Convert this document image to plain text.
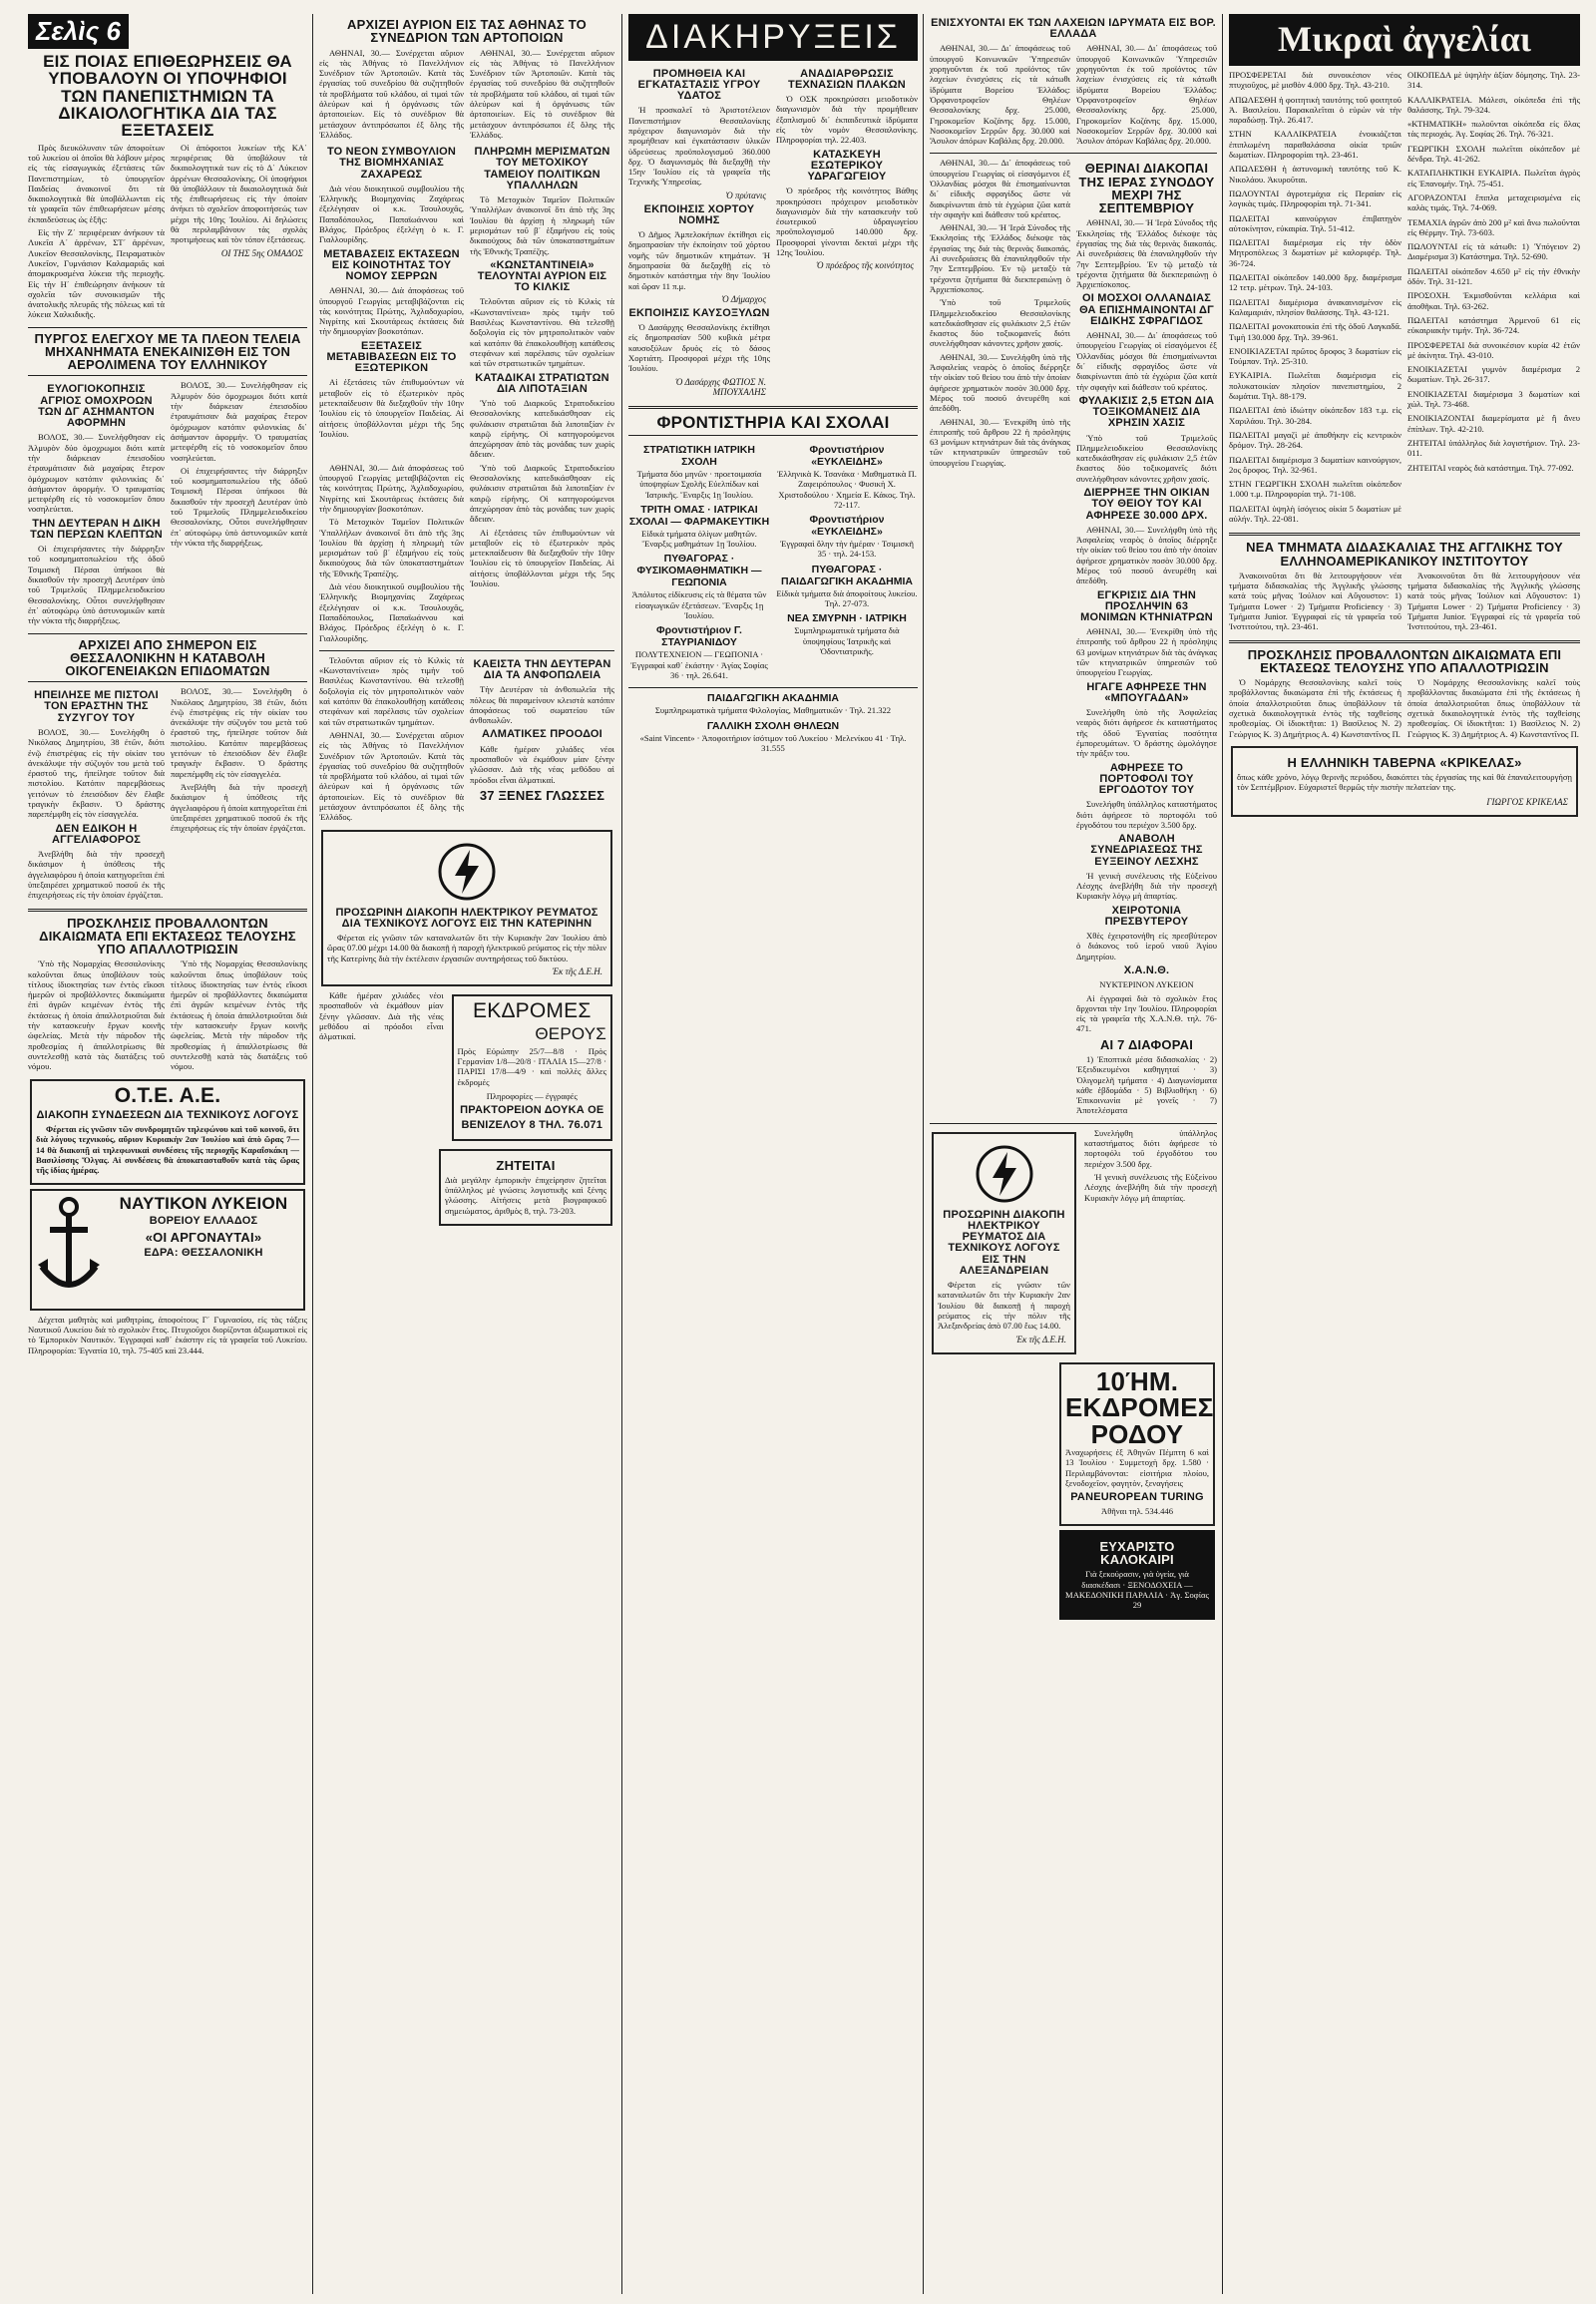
Σελὶς 6
ΕΙΣ ΠΟΙΑΣ ΕΠΙΘΕΩΡΗΣΕΙΣ ΘΑ ΥΠΟΒΑΛΟΥΝ ΟΙ ΥΠΟΨΗΦΙΟΙ ΤΩΝ ΠΑΝΕΠΙΣΤΗΜΙΩΝ ΤΑ ΔΙΚΑΙΟΛΟΓΗΤΙΚΑ ΔΙΑ ΤΑΣ ΕΞΕΤΑΣΕΙΣ

Πρὸς διευκόλυνσιν τῶν ἀποφοίτων τοῦ λυκείου οἱ ὁποῖοι θὰ λάβουν μέρος εἰς τὰς εἰσαγωγικὰς ἐξετάσεις τῶν Πανεπιστημίων, τὸ ὑπουργεῖον Παιδείας ἀνακοινοῖ ὅτι τὰ δικαιολογητικὰ θὰ ὑποβάλλωνται εἰς τὰ γραφεῖα τῶν ἐπιθεωρήσεων μέσης ἐκπαιδεύσεως ὡς ἑξῆς:

Εἰς τὴν Ζ΄ περιφέρειαν ἀνήκουν τὰ Λυκεῖα Α΄ ἀρρένων, ΣΤ΄ ἀρρένων, Λυκεῖον Θεσσαλονίκης, Πειραματικὸν Λυκεῖον, Γυμνάσιον Καλαμαριᾶς καὶ ἀπομακρυσμένα λύκεια τῆς περιοχῆς. Εἰς τὴν Η΄ ἐπιθεώρησιν ἀνήκουν τὰ σχολεῖα τῶν συνοικισμῶν τῆς ἀνατολικῆς πλευρᾶς τῆς πόλεως καὶ τὰ λύκεια Χαλκιδικῆς.

Οἱ ἀπόφοιτοι λυκείων τῆς ΚΑ΄ περιφέρειας θὰ ὑποβάλουν τὰ δικαιολογητικά των εἰς τὸ Δ΄ Λύκειον ἀρρένων Θεσσαλονίκης. Οἱ ὑποψήφιοι θὰ ὑποβάλλουν τὰ δικαιολογητικὰ διὰ τῆς ἐπιθεωρήσεως εἰς τὴν ὁποίαν ἀνήκει τὸ σχολεῖον ἀποφοιτήσεώς των μέχρι τῆς 10ης Ἰουλίου. Αἱ δηλώσεις θὰ περιλαμβάνουν τὰς σχολὰς προτιμήσεως καὶ τὸν τόπον ἐξετάσεως.

ΟΙ ΤΗΣ 5ης ΟΜΑΔΟΣ
ΠΥΡΓΟΣ ΕΛΕΓΧΟΥ ΜΕ ΤΑ ΠΛΕΟΝ ΤΕΛΕΙΑ ΜΗΧΑΝΗΜΑΤΑ ΕΝΕΚΑΙΝΙΣΘΗ ΕΙΣ ΤΟΝ ΑΕΡΟΛΙΜΕΝΑ ΤΟΥ ΕΛΛΗΝΙΚΟΥ
ΕΥΛΟΓΙΟΚΟΠΗΣΙΣ ΑΓΡΙΟΣ ΟΜΟΧΡΟΩΝ ΤΩΝ ΔΓ ΑΣΗΜΑΝΤΟΝ ΑΦΟΡΜΗΝ

ΒΟΛΟΣ, 30.— Συνελήφθησαν εἰς Ἀλμυρὸν δύο ὁμοχρωμοι διότι κατὰ τὴν διάρκειαν ἐπεισοδίου ἐτραυμάτισαν διὰ μαχαίρας ἕτερον ὁμόχρωμον κατόπιν φιλονικίας δι᾿ ἀσήμαντον ἀφορμήν. Ὁ τραυματίας μετεφέρθη εἰς τὸ νοσοκομεῖον ὅπου νοσηλεύεται.

ΤΗΝ ΔΕΥΤΕΡΑΝ Η ΔΙΚΗ ΤΩΝ ΠΕΡΣΩΝ ΚΛΕΠΤΩΝ

Οἱ ἐπιχειρήσαντες τὴν διάρρηξιν τοῦ κοσμηματοπωλείου τῆς ὁδοῦ Τσιμισκῆ Πέρσαι ὑπήκοοι θὰ δικασθοῦν τὴν προσεχῆ Δευτέραν ὑπὸ τοῦ Τριμελοῦς Πλημμελειοδικείου Θεσσαλονίκης. Οὗτοι συνελήφθησαν ἐπ᾿ αὐτοφώρῳ ὑπὸ ἀστυνομικῶν κατὰ τὴν νύκτα τῆς διαρρήξεως.

ΒΟΛΟΣ, 30.— Συνελήφθησαν εἰς Ἀλμυρὸν δύο ὁμοχρωμοι διότι κατὰ τὴν διάρκειαν ἐπεισοδίου ἐτραυμάτισαν διὰ μαχαίρας ἕτερον ὁμόχρωμον κατόπιν φιλονικίας δι᾿ ἀσήμαντον ἀφορμήν. Ὁ τραυματίας μετεφέρθη εἰς τὸ νοσοκομεῖον ὅπου νοσηλεύεται.

Οἱ ἐπιχειρήσαντες τὴν διάρρηξιν τοῦ κοσμηματοπωλείου τῆς ὁδοῦ Τσιμισκῆ Πέρσαι ὑπήκοοι θὰ δικασθοῦν τὴν προσεχῆ Δευτέραν ὑπὸ τοῦ Τριμελοῦς Πλημμελειοδικείου Θεσσαλονίκης. Οὗτοι συνελήφθησαν ἐπ᾿ αὐτοφώρῳ ὑπὸ ἀστυνομικῶν κατὰ τὴν νύκτα τῆς διαρρήξεως.

ΑΡΧΙΖΕΙ ΑΠΟ ΣΗΜΕΡΟΝ ΕΙΣ ΘΕΣΣΑΛΟΝΙΚΗΝ Η ΚΑΤΑΒΟΛΗ ΟΙΚΟΓΕΝΕΙΑΚΩΝ ΕΠΙΔΟΜΑΤΩΝ
ΗΠΕΙΛΗΣΕ ΜΕ ΠΙΣΤΟΛΙ ΤΟΝ ΕΡΑΣΤΗΝ ΤΗΣ ΣΥΖΥΓΟΥ ΤΟΥ

ΒΟΛΟΣ, 30.— Συνελήφθη ὁ Νικόλαος Δημητρίου, 38 ἐτῶν, διότι ἐνῷ ἐπιστρέψας εἰς τὴν οἰκίαν του ἀνεκάλυψε τὴν σύζυγόν του μετὰ τοῦ ἐραστοῦ της, ἠπείλησε τοῦτον διὰ πιστολίου. Κατόπιν παρεμβάσεως γειτόνων τὸ ἐπεισόδιον δὲν ἔλαβε τραγικὴν ἔκβασιν. Ὁ δράστης παρεπέμφθη εἰς τὸν εἰσαγγελέα.

ΔΕΝ ΕΔΙΚΟΗ Η ΑΓΓΕΛΙΑΦΟΡΟΣ

Ἀνεβλήθη διὰ τὴν προσεχῆ δικάσιμον ἡ ὑπόθεσις τῆς ἀγγελιαφόρου ἡ ὁποία κατηγορεῖται ἐπὶ ὑπεξαιρέσει χρηματικοῦ ποσοῦ ἐκ τῆς ἐπιχειρήσεως εἰς τὴν ὁποίαν ἐργάζεται.

ΒΟΛΟΣ, 30.— Συνελήφθη ὁ Νικόλαος Δημητρίου, 38 ἐτῶν, διότι ἐνῷ ἐπιστρέψας εἰς τὴν οἰκίαν του ἀνεκάλυψε τὴν σύζυγόν του μετὰ τοῦ ἐραστοῦ της, ἠπείλησε τοῦτον διὰ πιστολίου. Κατόπιν παρεμβάσεως γειτόνων τὸ ἐπεισόδιον δὲν ἔλαβε τραγικὴν ἔκβασιν. Ὁ δράστης παρεπέμφθη εἰς τὸν εἰσαγγελέα.

Ἀνεβλήθη διὰ τὴν προσεχῆ δικάσιμον ἡ ὑπόθεσις τῆς ἀγγελιαφόρου ἡ ὁποία κατηγορεῖται ἐπὶ ὑπεξαιρέσει χρηματικοῦ ποσοῦ ἐκ τῆς ἐπιχειρήσεως εἰς τὴν ὁποίαν ἐργάζεται.

ΠΡΟΣΚΛΗΣΙΣ ΠΡΟΒΑΛΛΟΝΤΩΝ ΔΙΚΑΙΩΜΑΤΑ ΕΠΙ ΕΚΤΑΣΕΩΣ ΤΕΛΟΥΣΗΣ ΥΠΟ ΑΠΑΛΛΟΤΡΙΩΣΙΝ

Ὑπὸ τῆς Νομαρχίας Θεσσαλονίκης καλοῦνται ὅπως ὑποβάλουν τοὺς τίτλους ἰδιοκτησίας των ἐντὸς εἴκοσι ἡμερῶν οἱ προβάλλοντες δικαιώματα ἐπὶ ἀγρῶν κειμένων ἐντὸς τῆς ἐκτάσεως ἡ ὁποία ἀπαλλοτριοῦται διὰ τὴν κατασκευὴν ἔργων κοινῆς ὠφελείας. Μετὰ τὴν πάροδον τῆς προθεσμίας ἡ ἀπαλλοτρίωσις θὰ συντελεσθῇ κατὰ τὰς διατάξεις τοῦ νόμου.

Ὑπὸ τῆς Νομαρχίας Θεσσαλονίκης καλοῦνται ὅπως ὑποβάλουν τοὺς τίτλους ἰδιοκτησίας των ἐντὸς εἴκοσι ἡμερῶν οἱ προβάλλοντες δικαιώματα ἐπὶ ἀγρῶν κειμένων ἐντὸς τῆς ἐκτάσεως ἡ ὁποία ἀπαλλοτριοῦται διὰ τὴν κατασκευὴν ἔργων κοινῆς ὠφελείας. Μετὰ τὴν πάροδον τῆς προθεσμίας ἡ ἀπαλλοτρίωσις θὰ συντελεσθῇ κατὰ τὰς διατάξεις τοῦ νόμου.

Ο.Τ.Ε. Α.Ε.
ΔΙΑΚΟΠΗ ΣΥΝΔΕΣΕΩΝ ΔΙΑ ΤΕΧΝΙΚΟΥΣ ΛΟΓΟΥΣ

Φέρεται εἰς γνῶσιν τῶν συνδρομητῶν τηλεφώνου καὶ τοῦ κοινοῦ, ὅτι διὰ λόγους τεχνικούς, αὔριον Κυριακὴν 2αν Ἰουλίου καὶ ἀπὸ ὥρας 7—14 θὰ διακοπῇ αἱ τηλεφωνικαὶ συνδέσεις τῆς περιοχῆς Καραΐσκάκη — Βασιλίσσης Ὄλγας. Αἱ συνδέσεις θὰ ἀποκατασταθοῦν κατὰ τὰς ὥρας τῆς ἰδίας ἡμέρας.

ΝΑΥΤΙΚΟΝ ΛΥΚΕΙΟΝ
ΒΟΡΕΙΟΥ ΕΛΛΑΔΟΣ
«ΟΙ ΑΡΓΟΝΑΥΤΑΙ»
ΕΔΡΑ: ΘΕΣΣΑΛΟΝΙΚΗ

Δέχεται μαθητὰς καὶ μαθητρίας, ἀποφοίτους Γ΄ Γυμνασίου, εἰς τὰς τάξεις Ναυτικοῦ Λυκείου διὰ τὸ σχολικὸν ἔτος. Πτυχιοῦχοι διορίζονται ἀξιωματικοὶ εἰς τὸ Ἐμπορικὸν Ναυτικόν. Ἐγγραφαὶ καθ᾿ ἑκάστην εἰς τὰ γραφεῖα τοῦ Λυκείου. Πληροφορίαι: Ἐγνατία 10, τηλ. 75-405 καὶ 23.444.

ΑΡΧΙΖΕΙ ΑΥΡΙΟΝ ΕΙΣ ΤΑΣ ΑΘΗΝΑΣ ΤΟ ΣΥΝΕΔΡΙΟΝ ΤΩΝ ΑΡΤΟΠΟΙΩΝ

ΑΘΗΝΑΙ, 30.— Συνέρχεται αὔριον εἰς τὰς Ἀθήνας τὸ Πανελλήνιον Συνέδριον τῶν Ἀρτοποιῶν. Κατὰ τὰς ἐργασίας τοῦ συνεδρίου θὰ συζητηθοῦν τὰ προβλήματα τοῦ κλάδου, αἱ τιμαὶ τῶν ἀλεύρων καὶ ἡ ὀργάνωσις τῶν ἀρτοποιείων. Εἰς τὸ συνέδριον θὰ μετάσχουν ἀντιπρόσωποι ἐξ ὅλης τῆς Ἑλλάδος.

ΑΘΗΝΑΙ, 30.— Συνέρχεται αὔριον εἰς τὰς Ἀθήνας τὸ Πανελλήνιον Συνέδριον τῶν Ἀρτοποιῶν. Κατὰ τὰς ἐργασίας τοῦ συνεδρίου θὰ συζητηθοῦν τὰ προβλήματα τοῦ κλάδου, αἱ τιμαὶ τῶν ἀλεύρων καὶ ἡ ὀργάνωσις τῶν ἀρτοποιείων. Εἰς τὸ συνέδριον θὰ μετάσχουν ἀντιπρόσωποι ἐξ ὅλης τῆς Ἑλλάδος.

ΤΟ ΝΕΟΝ ΣΥΜΒΟΥΛΙΟΝ ΤΗΣ ΒΙΟΜΗΧΑΝΙΑΣ ΖΑΧΑΡΕΩΣ

Διὰ νέου διοικητικοῦ συμβουλίου τῆς Ἑλληνικῆς Βιομηχανίας Ζαχάρεως ἐξελέγησαν οἱ κ.κ. Τσουλουχᾶς, Παπαδόπουλος, Παπαϊωάννου καὶ Βλάχος. Πρόεδρος ἐξελέγη ὁ κ. Γ. Γιαλλουρίδης.

ΜΕΤΑΒΑΣΕΙΣ ΕΚΤΑΣΕΩΝ ΕΙΣ ΚΟΙΝΟΤΗΤΑΣ ΤΟΥ ΝΟΜΟΥ ΣΕΡΡΩΝ

ΑΘΗΝΑΙ, 30.— Διὰ ἀποφάσεως τοῦ ὑπουργοῦ Γεωργίας μεταβιβάζονται εἰς τὰς κοινότητας Πρώτης, Ἀχλαδοχωρίου, Νιγρίτης καὶ Σκουτάρεως ἐκτάσεις διὰ τὴν δημιουργίαν βοσκοτόπων.

ΕΞΕΤΑΣΕΙΣ ΜΕΤΑΒΙΒΑΣΕΩΝ ΕΙΣ ΤΟ ΕΞΩΤΕΡΙΚΟΝ

Αἱ ἐξετάσεις τῶν ἐπιθυμούντων νὰ μεταβοῦν εἰς τὸ ἐξωτερικὸν πρὸς μετεκπαίδευσιν θὰ διεξαχθοῦν τὴν 10ην Ἰουλίου εἰς τὸ ὑπουργεῖον Παιδείας. Αἱ αἰτήσεις ὑποβάλλονται μέχρι τῆς 5ης Ἰουλίου.

ΠΛΗΡΩΜΗ ΜΕΡΙΣΜΑΤΩΝ ΤΟΥ ΜΕΤΟΧΙΚΟΥ ΤΑΜΕΙΟΥ ΠΟΛΙΤΙΚΩΝ ΥΠΑΛΛΗΛΩΝ

Τὸ Μετοχικὸν Ταμεῖον Πολιτικῶν Ὑπαλλήλων ἀνακοινοῖ ὅτι ἀπὸ τῆς 3ης Ἰουλίου θὰ ἀρχίσῃ ἡ πληρωμὴ τῶν μερισμάτων τοῦ β΄ ἑξαμήνου εἰς τοὺς δικαιούχους διὰ τῶν ὑποκαταστημάτων τῆς Ἐθνικῆς Τραπέζης.

«ΚΩΝΣΤΑΝΤΙΝΕΙΑ» ΤΕΛΟΥΝΤΑΙ ΑΥΡΙΟΝ ΕΙΣ ΤΟ ΚΙΛΚΙΣ

Τελοῦνται αὔριον εἰς τὸ Κιλκὶς τὰ «Κωνσταντίνεια» πρὸς τιμὴν τοῦ Βασιλέως Κωνσταντίνου. Θὰ τελεσθῇ δοξολογία εἰς τὸν μητροπολιτικὸν ναὸν καὶ κατόπιν θὰ ἐπακολουθήσῃ κατάθεσις στεφάνων καὶ παρέλασις τῶν σχολείων καὶ τῶν στρατιωτικῶν τμημάτων.

ΚΑΤΑΔΙΚΑΙ ΣΤΡΑΤΙΩΤΩΝ ΔΙΑ ΛΙΠΟΤΑΞΙΑΝ

Ὑπὸ τοῦ Διαρκοῦς Στρατοδικείου Θεσσαλονίκης κατεδικάσθησαν εἰς φυλάκισιν στρατιῶται διὰ λιποταξίαν ἐν καιρῷ εἰρήνης. Οἱ κατηγορούμενοι ἀπεχώρησαν ἀπὸ τὰς μονάδας των χωρὶς ἄδειαν.

ΑΘΗΝΑΙ, 30.— Διὰ ἀποφάσεως τοῦ ὑπουργοῦ Γεωργίας μεταβιβάζονται εἰς τὰς κοινότητας Πρώτης, Ἀχλαδοχωρίου, Νιγρίτης καὶ Σκουτάρεως ἐκτάσεις διὰ τὴν δημιουργίαν βοσκοτόπων.

Τὸ Μετοχικὸν Ταμεῖον Πολιτικῶν Ὑπαλλήλων ἀνακοινοῖ ὅτι ἀπὸ τῆς 3ης Ἰουλίου θὰ ἀρχίσῃ ἡ πληρωμὴ τῶν μερισμάτων τοῦ β΄ ἑξαμήνου εἰς τοὺς δικαιούχους διὰ τῶν ὑποκαταστημάτων τῆς Ἐθνικῆς Τραπέζης.

Διὰ νέου διοικητικοῦ συμβουλίου τῆς Ἑλληνικῆς Βιομηχανίας Ζαχάρεως ἐξελέγησαν οἱ κ.κ. Τσουλουχᾶς, Παπαδόπουλος, Παπαϊωάννου καὶ Βλάχος. Πρόεδρος ἐξελέγη ὁ κ. Γ. Γιαλλουρίδης.

Ὑπὸ τοῦ Διαρκοῦς Στρατοδικείου Θεσσαλονίκης κατεδικάσθησαν εἰς φυλάκισιν στρατιῶται διὰ λιποταξίαν ἐν καιρῷ εἰρήνης. Οἱ κατηγορούμενοι ἀπεχώρησαν ἀπὸ τὰς μονάδας των χωρὶς ἄδειαν.

Αἱ ἐξετάσεις τῶν ἐπιθυμούντων νὰ μεταβοῦν εἰς τὸ ἐξωτερικὸν πρὸς μετεκπαίδευσιν θὰ διεξαχθοῦν τὴν 10ην Ἰουλίου εἰς τὸ ὑπουργεῖον Παιδείας. Αἱ αἰτήσεις ὑποβάλλονται μέχρι τῆς 5ης Ἰουλίου.

Τελοῦνται αὔριον εἰς τὸ Κιλκὶς τὰ «Κωνσταντίνεια» πρὸς τιμὴν τοῦ Βασιλέως Κωνσταντίνου. Θὰ τελεσθῇ δοξολογία εἰς τὸν μητροπολιτικὸν ναὸν καὶ κατόπιν θὰ ἐπακολουθήσῃ κατάθεσις στεφάνων καὶ παρέλασις τῶν σχολείων καὶ τῶν στρατιωτικῶν τμημάτων.

ΑΘΗΝΑΙ, 30.— Συνέρχεται αὔριον εἰς τὰς Ἀθήνας τὸ Πανελλήνιον Συνέδριον τῶν Ἀρτοποιῶν. Κατὰ τὰς ἐργασίας τοῦ συνεδρίου θὰ συζητηθοῦν τὰ προβλήματα τοῦ κλάδου, αἱ τιμαὶ τῶν ἀλεύρων καὶ ἡ ὀργάνωσις τῶν ἀρτοποιείων. Εἰς τὸ συνέδριον θὰ μετάσχουν ἀντιπρόσωποι ἐξ ὅλης τῆς Ἑλλάδος.

ΚΑΕΙΣΤΑ ΤΗΝ ΔΕΥΤΕΡΑΝ ΔΙΑ ΤΑ ΑΝΦΟΠΩΛΕΙΑ

Τὴν Δευτέραν τὰ ἀνθοπωλεῖα τῆς πόλεως θὰ παραμείνουν κλειστὰ κατόπιν ἀποφάσεως τοῦ σωματείου τῶν ἀνθοπωλῶν.

ΑΛΜΑΤΙΚΕΣ ΠΡΟΟΔΟΙ

Κάθε ἡμέραν χιλιάδες νέοι προσπαθοῦν νὰ ἐκμάθουν μίαν ξένην γλῶσσαν. Διὰ τῆς νέας μεθόδου αἱ πρόοδοι εἶναι ἀλματικαί.

37 ΞΕΝΕΣ ΓΛΩΣΣΕΣ
ΠΡΟΣΩΡΙΝΗ ΔΙΑΚΟΠΗ ΗΛΕΚΤΡΙΚΟΥ ΡΕΥΜΑΤΟΣ ΔΙΑ ΤΕΧΝΙΚΟΥΣ ΛΟΓΟΥΣ ΕΙΣ ΤΗΝ ΚΑΤΕΡΙΝΗΝ

Φέρεται εἰς γνῶσιν τῶν καταναλωτῶν ὅτι τὴν Κυριακὴν 2αν Ἰουλίου ἀπὸ ὥρας 07.00 μέχρι 14.00 θὰ διακοπῇ ἡ παροχὴ ἠλεκτρικοῦ ρεύματος εἰς τὴν πόλιν τῆς Κατερίνης διὰ τὴν ἐκτέλεσιν ἐργασιῶν συντηρήσεως τοῦ δικτύου.

Ἐκ τῆς Δ.Ε.Η.

Κάθε ἡμέραν χιλιάδες νέοι προσπαθοῦν νὰ ἐκμάθουν μίαν ξένην γλῶσσαν. Διὰ τῆς νέας μεθόδου αἱ πρόοδοι εἶναι ἀλματικαί.

ΕΚΔΡΟΜΕΣ
ΘΕΡΟΥΣ

Πρὸς Εὐρώπην 25/7—8/8 · Πρὸς Γερμανίαν 1/8—20/8 · ΙΤΑΛΙΑ 15—27/8 · ΠΑΡΙΣΙ 17/8—4/9 · καὶ πολλὲς ἄλλες ἐκδρομές

Πληροφορίες — ἐγγραφές
ΠΡΑΚΤΟΡΕΙΟΝ ΔΟΥΚΑ ΟΕ
ΒΕΝΙΖΕΛΟΥ 8 ΤΗΛ. 76.071
ΖΗΤΕΙΤΑΙ

Διὰ μεγάλην ἐμπορικὴν ἐπιχείρησιν ζητεῖται ὑπάλληλος μὲ γνώσεις λογιστικῆς καὶ ξένης γλώσσης. Αἰτήσεις μετὰ βιογραφικοῦ σημειώματος, ἀριθμὸς 8, τηλ. 73-203.

ΔΙΑΚΗΡΥΞΕΙΣ
ΠΡΟΜΗΘΕΙΑ ΚΑΙ ΕΓΚΑΤΑΣΤΑΣΙΣ ΥΓΡΟΥ ΥΔΑΤΟΣ

Ἡ προσκαλεῖ τὸ Ἀριστοτέλειον Πανεπιστήμιον Θεσσαλονίκης πρόχειρον διαγωνισμὸν διὰ τὴν προμήθειαν καὶ ἐγκατάστασιν ὑλικῶν ὑδρεύσεως προϋπολογισμοῦ 360.000 δρχ. Ὁ διαγωνισμὸς θὰ διεξαχθῇ τὴν 15ην Ἰουλίου εἰς τὰ γραφεῖα τῆς Τεχνικῆς Ὑπηρεσίας.

Ὁ πρύτανις
ΕΚΠΟΙΗΣΙΣ ΧΟΡΤΟΥ ΝΟΜΗΣ

Ὁ Δῆμος Ἀμπελοκήπων ἐκτίθησι εἰς δημοπρασίαν τὴν ἐκποίησιν τοῦ χόρτου νομῆς τῶν δημοτικῶν κτημάτων. Ἡ δημοπρασία θὰ διεξαχθῇ εἰς τὸ δημοτικὸν κατάστημα τὴν 8ην Ἰουλίου καὶ ὥραν 11 π.μ.

Ὁ Δήμαρχος
ΕΚΠΟΙΗΣΙΣ ΚΑΥΣΟΞΥΛΩΝ

Ὁ Δασάρχης Θεσσαλονίκης ἐκτίθησι εἰς δημοπρασίαν 500 κυβικὰ μέτρα καυσοξύλων δρυὸς εἰς τὸ δάσος Χορτιάτη. Προσφοραὶ μέχρι τῆς 10ης Ἰουλίου.

Ὁ Δασάρχης ΦΩΤΙΟΣ Ν. ΜΠΟΥΧΑΛΗΣ
ΑΝΑΔΙΑΡΘΡΩΣΙΣ ΤΕΧΝΑΣΙΩΝ ΠΛΑΚΩΝ

Ὁ ΟΣΚ προκηρύσσει μειοδοτικὸν διαγωνισμὸν διὰ τὴν προμήθειαν ἐξοπλισμοῦ δι᾿ ἐκπαιδευτικὰ ἱδρύματα εἰς τὸν νομὸν Θεσσαλονίκης. Πληροφορίαι τηλ. 22.403.

ΚΑΤΑΣΚΕΥΗ ΕΣΩΤΕΡΙΚΟΥ ΥΔΡΑΓΩΓΕΙΟΥ

Ὁ πρόεδρος τῆς κοινότητος Βάθης προκηρύσσει πρόχειρον μειοδοτικὸν διαγωνισμὸν διὰ τὴν κατασκευὴν τοῦ ἐσωτερικοῦ ὑδραγωγείου προϋπολογισμοῦ 140.000 δρχ. Προσφοραὶ γίνονται δεκταὶ μέχρι τῆς 12ης Ἰουλίου.

Ὁ πρόεδρος τῆς κοινότητος
ΦΡΟΝΤΙΣΤΗΡΙΑ ΚΑΙ ΣΧΟΛΑΙ
ΣΤΡΑΤΙΩΤΙΚΗ ΙΑΤΡΙΚΗ ΣΧΟΛΗ
Τμήματα δύο μηνῶν · προετοιμασία ὑποψηφίων Σχολῆς Εὐελπίδων καὶ Ἰατρικῆς. Ἔναρξις 1ῃ Ἰουλίου.
ΤΡΙΤΗ ΟΜΑΣ · ΙΑΤΡΙΚΑΙ ΣΧΟΛΑΙ — ΦΑΡΜΑΚΕΥΤΙΚΗ
Εἰδικὰ τμήματα ὀλίγων μαθητῶν. Ἔναρξις μαθημάτων 1ῃ Ἰουλίου.
ΠΥΘΑΓΟΡΑΣ · ΦΥΣΙΚΟΜΑΘΗΜΑΤΙΚΗ — ΓΕΩΠΟΝΙΑ
Ἀπόλυτος εἰδίκευσις εἰς τὰ θέματα τῶν εἰσαγωγικῶν ἐξετάσεων. Ἔναρξις 1ῃ Ἰουλίου.
Φροντιστήριον Γ. ΣΤΑΥΡΙΑΝΙΔΟΥ
ΠΟΛΥΤΕΧΝΕΙΟΝ — ΓΕΩΠΟΝΙΑ · Ἐγγραφαὶ καθ᾿ ἑκάστην · Ἀγίας Σοφίας 36 · τηλ. 26.641.
Φροντιστήριον «ΕΥΚΛΕΙΔΗΣ»
Ἑλληνικὰ Κ. Τσανάκα · Μαθηματικὰ Π. Ζαφειρόπουλος · Φυσικὴ Χ. Χριστοδούλου · Χημεία Ε. Κάκος. Τηλ. 72-117.
Φροντιστήριον «ΕΥΚΛΕΙΔΗΣ»
Ἐγγραφαὶ ὅλην τὴν ἡμέραν · Τσιμισκῆ 35 · τηλ. 24-153.
ΠΥΘΑΓΟΡΑΣ · ΠΑΙΔΑΓΩΓΙΚΗ ΑΚΑΔΗΜΙΑ
Εἰδικὰ τμήματα διὰ ἀποφοίτους λυκείου. Τηλ. 27-073.
ΝΕΑ ΣΜΥΡΝΗ · ΙΑΤΡΙΚΗ
Συμπληρωματικὰ τμήματα διὰ ὑποψηφίους Ἰατρικῆς καὶ Ὀδοντιατρικῆς.
ΠΑΙΔΑΓΩΓΙΚΗ ΑΚΑΔΗΜΙΑ
Συμπληρωματικὰ τμήματα Φιλολογίας, Μαθηματικῶν · Τηλ. 21.322
ΓΑΛΛΙΚΗ ΣΧΟΛΗ ΘΗΛΕΩΝ
«Saint Vincent» · Ἀποφοιτήριον ἰσότιμον τοῦ Λυκείου · Μελενίκου 41 · Τηλ. 31.555
ΕΝΙΣΧΥΟΝΤΑΙ ΕΚ ΤΩΝ ΛΑΧΕΙΩΝ ΙΔΡΥΜΑΤΑ ΕΙΣ ΒΟΡ. ΕΛΛΑΔΑ

ΑΘΗΝΑΙ, 30.— Δι᾿ ἀποφάσεως τοῦ ὑπουργοῦ Κοινωνικῶν Ὑπηρεσιῶν χορηγοῦνται ἐκ τοῦ προϊόντος τῶν λαχείων ἐνισχύσεις εἰς τὰ κάτωθι ἱδρύματα Βορείου Ἑλλάδος: Ὀρφανοτροφεῖον Θηλέων Θεσσαλονίκης δρχ. 25.000, Γηροκομεῖον Κοζάνης δρχ. 15.000, Νοσοκομεῖον Σερρῶν δρχ. 30.000 καὶ Ἄσυλον ἀπόρων Καβάλας δρχ. 20.000.

ΑΘΗΝΑΙ, 30.— Δι᾿ ἀποφάσεως τοῦ ὑπουργοῦ Κοινωνικῶν Ὑπηρεσιῶν χορηγοῦνται ἐκ τοῦ προϊόντος τῶν λαχείων ἐνισχύσεις εἰς τὰ κάτωθι ἱδρύματα Βορείου Ἑλλάδος: Ὀρφανοτροφεῖον Θηλέων Θεσσαλονίκης δρχ. 25.000, Γηροκομεῖον Κοζάνης δρχ. 15.000, Νοσοκομεῖον Σερρῶν δρχ. 30.000 καὶ Ἄσυλον ἀπόρων Καβάλας δρχ. 20.000.

ΑΘΗΝΑΙ, 30.— Δι᾿ ἀποφάσεως τοῦ ὑπουργείου Γεωργίας οἱ εἰσαγόμενοι ἐξ Ὀλλανδίας μόσχοι θὰ ἐπισημαίνωνται δι᾿ εἰδικῆς σφραγίδος ὥστε νὰ διακρίνωνται ἀπὸ τὰ ἐγχώρια ζῶα κατὰ τὴν σφαγὴν καὶ διάθεσιν τοῦ κρέατος.

ΑΘΗΝΑΙ, 30.— Ἡ Ἱερὰ Σύνοδος τῆς Ἐκκλησίας τῆς Ἑλλάδος διέκοψε τὰς ἐργασίας της διὰ τὰς θερινὰς διακοπάς. Αἱ συνεδριάσεις θὰ ἐπαναληφθοῦν τὴν 7ην Σεπτεμβρίου. Ἐν τῷ μεταξὺ τὰ τρέχοντα ζητήματα θὰ διεκπεραιώνῃ ὁ Ἀρχιεπίσκοπος.

Ὑπὸ τοῦ Τριμελοῦς Πλημμελειοδικείου Θεσσαλονίκης κατεδικάσθησαν εἰς φυλάκισιν 2,5 ἐτῶν ἕκαστος δύο τοξικομανεῖς διότι συνελήφθησαν κάνοντες χρῆσιν χασίς.

ΑΘΗΝΑΙ, 30.— Συνελήφθη ὑπὸ τῆς Ἀσφαλείας νεαρὸς ὁ ὁποῖος διέρρηξε τὴν οἰκίαν τοῦ θείου του ἀπὸ τὴν ὁποίαν ἀφήρεσε χρηματικὸν ποσὸν 30.000 δρχ. Μέρος τοῦ ποσοῦ ἀνευρέθη καὶ ἀπεδόθη.

ΑΘΗΝΑΙ, 30.— Ἐνεκρίθη ὑπὸ τῆς ἐπιτροπῆς τοῦ ἄρθρου 22 ἡ πρόσληψις 63 μονίμων κτηνιάτρων διὰ τὰς ἀνάγκας τῶν κτηνιατρικῶν ὑπηρεσιῶν τοῦ ὑπουργείου Γεωργίας.

ΘΕΡΙΝΑΙ ΔΙΑΚΟΠΑΙ ΤΗΣ ΙΕΡΑΣ ΣΥΝΟΔΟΥ ΜΕΧΡΙ 7ΗΣ ΣΕΠΤΕΜΒΡΙΟΥ

ΑΘΗΝΑΙ, 30.— Ἡ Ἱερὰ Σύνοδος τῆς Ἐκκλησίας τῆς Ἑλλάδος διέκοψε τὰς ἐργασίας της διὰ τὰς θερινὰς διακοπάς. Αἱ συνεδριάσεις θὰ ἐπαναληφθοῦν τὴν 7ην Σεπτεμβρίου. Ἐν τῷ μεταξὺ τὰ τρέχοντα ζητήματα θὰ διεκπεραιώνῃ ὁ Ἀρχιεπίσκοπος.

ΟΙ ΜΟΣΧΟΙ ΟΛΛΑΝΔΙΑΣ ΘΑ ΕΠΙΣΗΜΑΙΝΟΝΤΑΙ ΔΓ ΕΙΔΙΚΗΣ ΣΦΡΑΓΙΔΟΣ

ΑΘΗΝΑΙ, 30.— Δι᾿ ἀποφάσεως τοῦ ὑπουργείου Γεωργίας οἱ εἰσαγόμενοι ἐξ Ὀλλανδίας μόσχοι θὰ ἐπισημαίνωνται δι᾿ εἰδικῆς σφραγίδος ὥστε νὰ διακρίνωνται ἀπὸ τὰ ἐγχώρια ζῶα κατὰ τὴν σφαγὴν καὶ διάθεσιν τοῦ κρέατος.

ΦΥΛΑΚΙΣΙΣ 2,5 ΕΤΩΝ ΔΙΑ ΤΟΞΙΚΟΜΑΝΕΙΣ ΔΙΑ ΧΡΗΣΙΝ ΧΑΣΙΣ

Ὑπὸ τοῦ Τριμελοῦς Πλημμελειοδικείου Θεσσαλονίκης κατεδικάσθησαν εἰς φυλάκισιν 2,5 ἐτῶν ἕκαστος δύο τοξικομανεῖς διότι συνελήφθησαν κάνοντες χρῆσιν χασίς.

ΔΙΕΡΡΗΞΕ ΤΗΝ ΟΙΚΙΑΝ ΤΟΥ ΘΕΙΟΥ ΤΟΥ ΚΑΙ ΑΦΗΡΕΣΕ 30.000 ΔΡΧ.

ΑΘΗΝΑΙ, 30.— Συνελήφθη ὑπὸ τῆς Ἀσφαλείας νεαρὸς ὁ ὁποῖος διέρρηξε τὴν οἰκίαν τοῦ θείου του ἀπὸ τὴν ὁποίαν ἀφήρεσε χρηματικὸν ποσὸν 30.000 δρχ. Μέρος τοῦ ποσοῦ ἀνευρέθη καὶ ἀπεδόθη.

ΕΓΚΡΙΣΙΣ ΔΙΑ ΤΗΝ ΠΡΟΣΛΗΨΙΝ 63 ΜΟΝΙΜΩΝ ΚΤΗΝΙΑΤΡΩΝ

ΑΘΗΝΑΙ, 30.— Ἐνεκρίθη ὑπὸ τῆς ἐπιτροπῆς τοῦ ἄρθρου 22 ἡ πρόσληψις 63 μονίμων κτηνιάτρων διὰ τὰς ἀνάγκας τῶν κτηνιατρικῶν ὑπηρεσιῶν τοῦ ὑπουργείου Γεωργίας.

ΗΓΑΓΕ ΑΦΗΡΕΣΕ ΤΗΝ «ΜΠΟΥΓΑΔΑΝ»

Συνελήφθη ὑπὸ τῆς Ἀσφαλείας νεαρὸς διότι ἀφήρεσε ἐκ καταστήματος τῆς ὁδοῦ Ἐγνατίας ποσότητα ἐμπορευμάτων. Ὁ δράστης ὡμολόγησε τὴν πρᾶξιν του.

ΑΦΗΡΕΣΕ ΤΟ ΠΟΡΤΟΦΟΛΙ ΤΟΥ ΕΡΓΟΔΟΤΟΥ ΤΟΥ

Συνελήφθη ὑπάλληλος καταστήματος διότι ἀφήρεσε τὸ πορτοφόλι τοῦ ἐργοδότου του περιέχον 3.500 δρχ.

ΑΝΑΒΟΛΗ ΣΥΝΕΔΡΙΑΣΕΩΣ ΤΗΣ ΕΥΞΕΙΝΟΥ ΛΕΣΧΗΣ

Ἡ γενικὴ συνέλευσις τῆς Εὐξείνου Λέσχης ἀνεβλήθη διὰ τὴν προσεχῆ Κυριακὴν λόγῳ μὴ ἀπαρτίας.

ΧΕΙΡΟΤΟΝΙΑ ΠΡΕΣΒΥΤΕΡΟΥ

Χθὲς ἐχειροτονήθη εἰς πρεσβύτερον ὁ διάκονος τοῦ ἱεροῦ ναοῦ Ἁγίου Δημητρίου.

Χ.Α.Ν.Θ.
ΝΥΚΤΕΡΙΝΟΝ ΛΥΚΕΙΟΝ

Αἱ ἐγγραφαὶ διὰ τὸ σχολικὸν ἔτος ἄρχονται τὴν 1ην Ἰουλίου. Πληροφορίαι εἰς τὰ γραφεῖα τῆς Χ.Α.Ν.Θ. τηλ. 76-471.

ΑΙ 7 ΔΙΑΦΟΡΑΙ

1) Ἐποπτικὰ μέσα διδασκαλίας · 2) Ἐξειδικευμένοι καθηγηταί · 3) Ὀλιγομελῆ τμήματα · 4) Διαγωνίσματα κάθε ἑβδομάδα · 5) Βιβλιοθήκη · 6) Ἐπικοινωνία μὲ γονεῖς · 7) Ἀποτελέσματα

ΠΡΟΣΩΡΙΝΗ ΔΙΑΚΟΠΗ ΗΛΕΚΤΡΙΚΟΥ ΡΕΥΜΑΤΟΣ ΔΙΑ ΤΕΧΝΙΚΟΥΣ ΛΟΓΟΥΣ ΕΙΣ ΤΗΝ ΑΛΕΞΑΝΔΡΕΙΑΝ

Φέρεται εἰς γνῶσιν τῶν καταναλωτῶν ὅτι τὴν Κυριακὴν 2αν Ἰουλίου θὰ διακοπῇ ἡ παροχὴ ρεύματος εἰς τὴν πόλιν τῆς Ἀλεξανδρείας ἀπὸ 07.00 ἕως 14.00.

Ἐκ τῆς Δ.Ε.Η.

Συνελήφθη ὑπάλληλος καταστήματος διότι ἀφήρεσε τὸ πορτοφόλι τοῦ ἐργοδότου του περιέχον 3.500 δρχ.

Ἡ γενικὴ συνέλευσις τῆς Εὐξείνου Λέσχης ἀνεβλήθη διὰ τὴν προσεχῆ Κυριακὴν λόγῳ μὴ ἀπαρτίας.

10ΉΜ. ΕΚΔΡΟΜΕΣ ΡΟΔΟΥ

Ἀναχωρήσεις ἐξ Ἀθηνῶν Πέμπτη 6 καὶ 13 Ἰουλίου · Συμμετοχὴ δρχ. 1.580 · Περιλαμβάνονται: εἰσιτήρια πλοίου, ξενοδοχεῖον, φαγητὸν, ξεναγήσεις

PANEUROPEAN TURING
Ἀθῆναι τηλ. 534.446
ΕΥΧΑΡΙΣΤΟ ΚΑΛΟΚΑΙΡΙ

Γιὰ ξεκούρασιν, γιὰ ὑγεία, γιὰ διασκέδασι · ΞΕΝΟΔΟΧΕΙΑ — ΜΑΚΕΔΟΝΙΚΗ ΠΑΡΑΛΙΑ · Ἁγ. Σοφίας 29

Μικραὶ ἀγγελίαι

ΠΡΟΣΦΕΡΕΤΑΙ διὰ συνοικέσιον νέος πτυχιοῦχος, μὲ μισθὸν 4.000 δρχ. Τηλ. 43-210.

ΑΠΩΛΕΣΘΗ ἡ φοιτητικὴ ταυτότης τοῦ φοιτητοῦ Ἀ. Βασιλείου. Παρακαλεῖται ὁ εὑρὼν νὰ τὴν παραδώσῃ. Τηλ. 26.417.

ΣΤΗΝ ΚΑΛΛΙΚΡΑΤΕΙΑ ἐνοικιάζεται ἐπιπλωμένη παραθαλάσσια οἰκία τριῶν δωματίων. Πληροφορίαι τηλ. 23-461.

ΑΠΩΛΕΣΘΗ ἡ ἀστυνομικὴ ταυτότης τοῦ Κ. Νικολάου. Ἀκυροῦται.

ΠΩΛΟΥΝΤΑΙ ἀγροτεμάχια εἰς Περαίαν εἰς λογικὰς τιμάς. Πληροφορίαι τηλ. 71-341.

ΠΩΛΕΙΤΑΙ καινούργιον ἐπιβατηγὸν αὐτοκίνητον, εὐκαιρία. Τηλ. 51-412.

ΠΩΛΕΙΤΑΙ διαμέρισμα εἰς τὴν ὁδὸν Μητροπόλεως 3 δωματίων μὲ καλοριφέρ. Τηλ. 36-724.

ΠΩΛΕΙΤΑΙ οἰκόπεδον 140.000 δρχ. διαμέρισμα 12 τετρ. μέτρων. Τηλ. 24-103.

ΠΩΛΕΙΤΑΙ διαμέρισμα ἀνακαινισμένον εἰς Καλαμαριάν, πλησίον θαλάσσης. Τηλ. 43-121.

ΠΩΛΕΙΤΑΙ μονοκατοικία ἐπὶ τῆς ὁδοῦ Λαγκαδᾶ. Τιμὴ 130.000 δρχ. Τηλ. 39-961.

ΕΝΟΙΚΙΑΖΕΤΑΙ πρῶτος ὄροφος 3 δωματίων εἰς Τούμπαν. Τηλ. 25-310.

ΕΥΚΑΙΡΙΑ. Πωλεῖται διαμέρισμα εἰς πολυκατοικίαν πλησίον πανεπιστημίου, 2 δωμάτια. Τηλ. 88-179.

ΠΩΛΕΙΤΑΙ ἀπὸ ἰδιώτην οἰκόπεδον 183 τ.μ. εἰς Χαριλάου. Τηλ. 30-284.

ΠΩΛΕΙΤΑΙ μαγαζὶ μὲ ἀποθήκην εἰς κεντρικὸν δρόμον. Τηλ. 28-264.

ΠΩΛΕΙΤΑΙ διαμέρισμα 3 δωματίων καινούργιον, 2ος ὄροφος. Τηλ. 32-961.

ΣΤΗΝ ΓΕΩΡΓΙΚΗ ΣΧΟΛΗ πωλεῖται οἰκόπεδον 1.000 τ.μ. Πληροφορίαι τηλ. 71-108.

ΠΩΛΕΙΤΑΙ ὑψηλὴ ἰσόγειος οἰκία 5 δωματίων μὲ αὐλήν. Τηλ. 22-081.

ΟΙΚΟΠΕΔΑ μὲ ὑψηλὴν ἀξίαν δόμησης. Τηλ. 23-314.

ΚΑΛΛΙΚΡΑΤΕΙΑ. Μάλεσι, οἰκόπεδα ἐπὶ τῆς θαλάσσης. Τηλ. 79-324.

«ΚΤΗΜΑΤΙΚΗ» πωλοῦνται οἰκόπεδα εἰς ὅλας τὰς περιοχάς. Ἀγ. Σοφίας 26. Τηλ. 76-321.

ΓΕΩΡΓΙΚΗ ΣΧΟΛΗ πωλεῖται οἰκόπεδον μὲ δένδρα. Τηλ. 41-262.

ΚΑΤΑΠΛΗΚΤΙΚΗ ΕΥΚΑΙΡΙΑ. Πωλεῖται ἀγρὸς εἰς Ἐπανομήν. Τηλ. 75-451.

ΑΓΟΡΑΖΟΝΤΑΙ ἔπιπλα μεταχειρισμένα εἰς καλὰς τιμάς. Τηλ. 74-069.

ΤΕΜΑΧΙΑ ἀγρῶν ἀπὸ 200 μ² καὶ ἄνω πωλοῦνται εἰς Θέρμην. Τηλ. 73-603.

ΠΩΛΟΥΝΤΑΙ εἰς τὰ κάτωθι: 1) Ὑπόγειον 2) Διαμέρισμα 3) Κατάστημα. Τηλ. 52-690.

ΠΩΛΕΙΤΑΙ οἰκόπεδον 4.650 μ² εἰς τὴν ἐθνικὴν ὁδόν. Τηλ. 31-121.

ΠΡΟΣΟΧΗ. Ἐκμισθοῦνται κελλάρια καὶ ἀποθῆκαι. Τηλ. 63-262.

ΠΩΛΕΙΤΑΙ κατάστημα Ἀρμενοῦ 61 εἰς εὐκαιριακὴν τιμήν. Τηλ. 36-724.

ΠΡΟΣΦΕΡΕΤΑΙ διὰ συνοικέσιον κυρία 42 ἐτῶν μὲ ἀκίνητα. Τηλ. 43-010.

ΕΝΟΙΚΙΑΖΕΤΑΙ γυμνὸν διαμέρισμα 2 δωματίων. Τηλ. 26-317.

ΕΝΟΙΚΙΑΖΕΤΑΙ διαμέρισμα 3 δωματίων καὶ χώλ. Τηλ. 73-468.

ΕΝΟΙΚΙΑΖΟΝΤΑΙ διαμερίσματα μὲ ἢ ἄνευ ἐπίπλων. Τηλ. 42-210.

ΖΗΤΕΙΤΑΙ ὑπάλληλος διὰ λογιστήριον. Τηλ. 23-011.

ΖΗΤΕΙΤΑΙ νεαρὸς διὰ κατάστημα. Τηλ. 77-092.

ΝΕΑ ΤΜΗΜΑΤΑ ΔΙΔΑΣΚΑΛΙΑΣ ΤΗΣ ΑΓΓΛΙΚΗΣ ΤΟΥ ΕΛΛΗΝΟΑΜΕΡΙΚΑΝΙΚΟΥ ΙΝΣΤΙΤΟΥΤΟΥ

Ἀνακοινοῦται ὅτι θὰ λειτουργήσουν νέα τμήματα διδασκαλίας τῆς Ἀγγλικῆς γλώσσης κατὰ τοὺς μῆνας Ἰούλιον καὶ Αὔγουστον: 1) Τμήματα Lower · 2) Τμήματα Proficiency · 3) Τμήματα Junior. Ἐγγραφαὶ εἰς τὰ γραφεῖα τοῦ Ἰνστιτούτου, τηλ. 23-461.

Ἀνακοινοῦται ὅτι θὰ λειτουργήσουν νέα τμήματα διδασκαλίας τῆς Ἀγγλικῆς γλώσσης κατὰ τοὺς μῆνας Ἰούλιον καὶ Αὔγουστον: 1) Τμήματα Lower · 2) Τμήματα Proficiency · 3) Τμήματα Junior. Ἐγγραφαὶ εἰς τὰ γραφεῖα τοῦ Ἰνστιτούτου, τηλ. 23-461.

ΠΡΟΣΚΛΗΣΙΣ ΠΡΟΒΑΛΛΟΝΤΩΝ ΔΙΚΑΙΩΜΑΤΑ ΕΠΙ ΕΚΤΑΣΕΩΣ ΤΕΛΟΥΣΗΣ ΥΠΟ ΑΠΑΛΛΟΤΡΙΩΣΙΝ

Ὁ Νομάρχης Θεσσαλονίκης καλεῖ τοὺς προβάλλοντας δικαιώματα ἐπὶ τῆς ἐκτάσεως ἡ ὁποία ἀπαλλοτριοῦται ὅπως ὑποβάλλουν τὰ σχετικὰ δικαιολογητικὰ ἐντὸς τῆς ταχθείσης προθεσμίας. Οἱ ἰδιοκτῆται: 1) Βασίλειος Ν. 2) Γεώργιος Κ. 3) Δημήτριος Α. 4) Κωνσταντῖνος Π.

Ὁ Νομάρχης Θεσσαλονίκης καλεῖ τοὺς προβάλλοντας δικαιώματα ἐπὶ τῆς ἐκτάσεως ἡ ὁποία ἀπαλλοτριοῦται ὅπως ὑποβάλλουν τὰ σχετικὰ δικαιολογητικὰ ἐντὸς τῆς ταχθείσης προθεσμίας. Οἱ ἰδιοκτῆται: 1) Βασίλειος Ν. 2) Γεώργιος Κ. 3) Δημήτριος Α. 4) Κωνσταντῖνος Π.

Η ΕΛΛΗΝΙΚΗ ΤΑΒΕΡΝΑ «ΚΡΙΚΕΛΑΣ»

ὅπως κάθε χρόνο, λόγῳ θερινῆς περιόδου, διακόπτει τὰς ἐργασίας της καὶ θὰ ἐπαναλειτουργήσῃ τὸν Σεπτέμβριον. Εὐχαριστεῖ θερμῶς τὴν πιστὴν πελατείαν της.

ΓΙΩΡΓΟΣ ΚΡΙΚΕΛΑΣ
